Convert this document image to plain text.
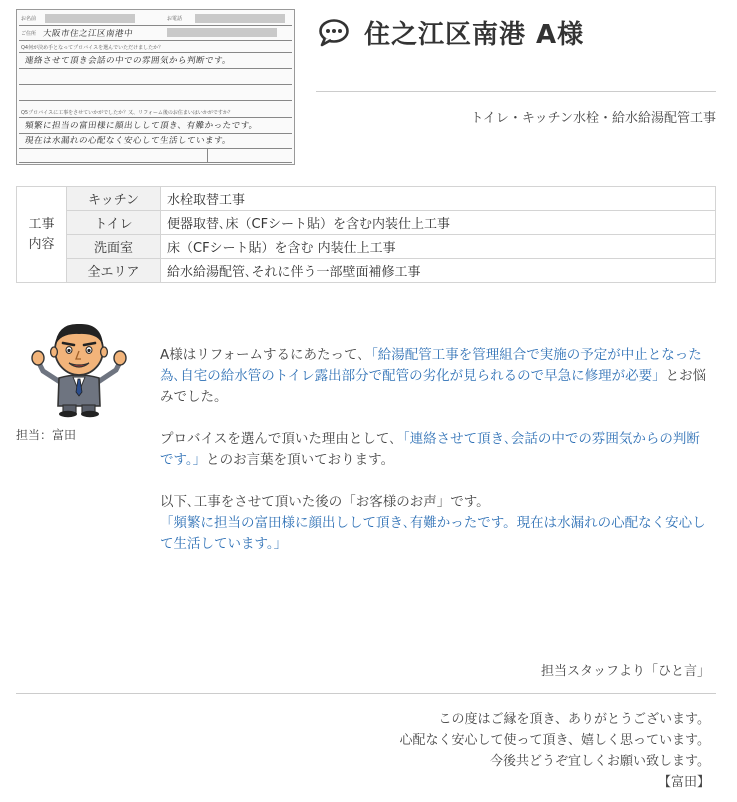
お名前	お電話
ご住所 大阪市住之江区南港中
Q4何が決め手となってプロバイスを選んでいただけましたか？
連絡させて頂き会話の中での雰囲気から判断です。
Q5プロバイスに工事をさせていかがでしたか？又、リフォーム後のお住まいはいかがですか？
頻繁に担当の富田様に顔出しして頂き、有難かったです。
現在は水漏れの心配なく安心して生活しています。
住之江区南港 A様
トイレ・キッチン水栓・給水給湯配管工事
工事
内容	キッチン	水栓取替工事
	トイレ	便器取替､床（CFシート貼）を含む内装仕上工事
	洗面室	床（CFシート貼）を含む 内装仕上工事
	全エリア	給水給湯配管､それに伴う一部壁面補修工事
担当：富田

A様はリフォームするにあたって､「給湯配管工事を管理組合で実施の予定が中止となった為､自宅の給水管のトイレ露出部分で配管の劣化が見られるので早急に修理が必要」とお悩みでした。

プロバイスを選んで頂いた理由として､「連絡させて頂き､会話の中での雰囲気からの判断です。」とのお言葉を頂いております。

以下､工事をさせて頂いた後の「お客様のお声」です。
「頻繁に担当の富田様に顔出しして頂き､有難かったです。現在は水漏れの心配なく安心して生活しています。」

担当スタッフより「ひと言」
この度はご縁を頂き、ありがとうございます。
心配なく安心して使って頂き、嬉しく思っています。
今後共どうぞ宜しくお願い致します。
【富田】
